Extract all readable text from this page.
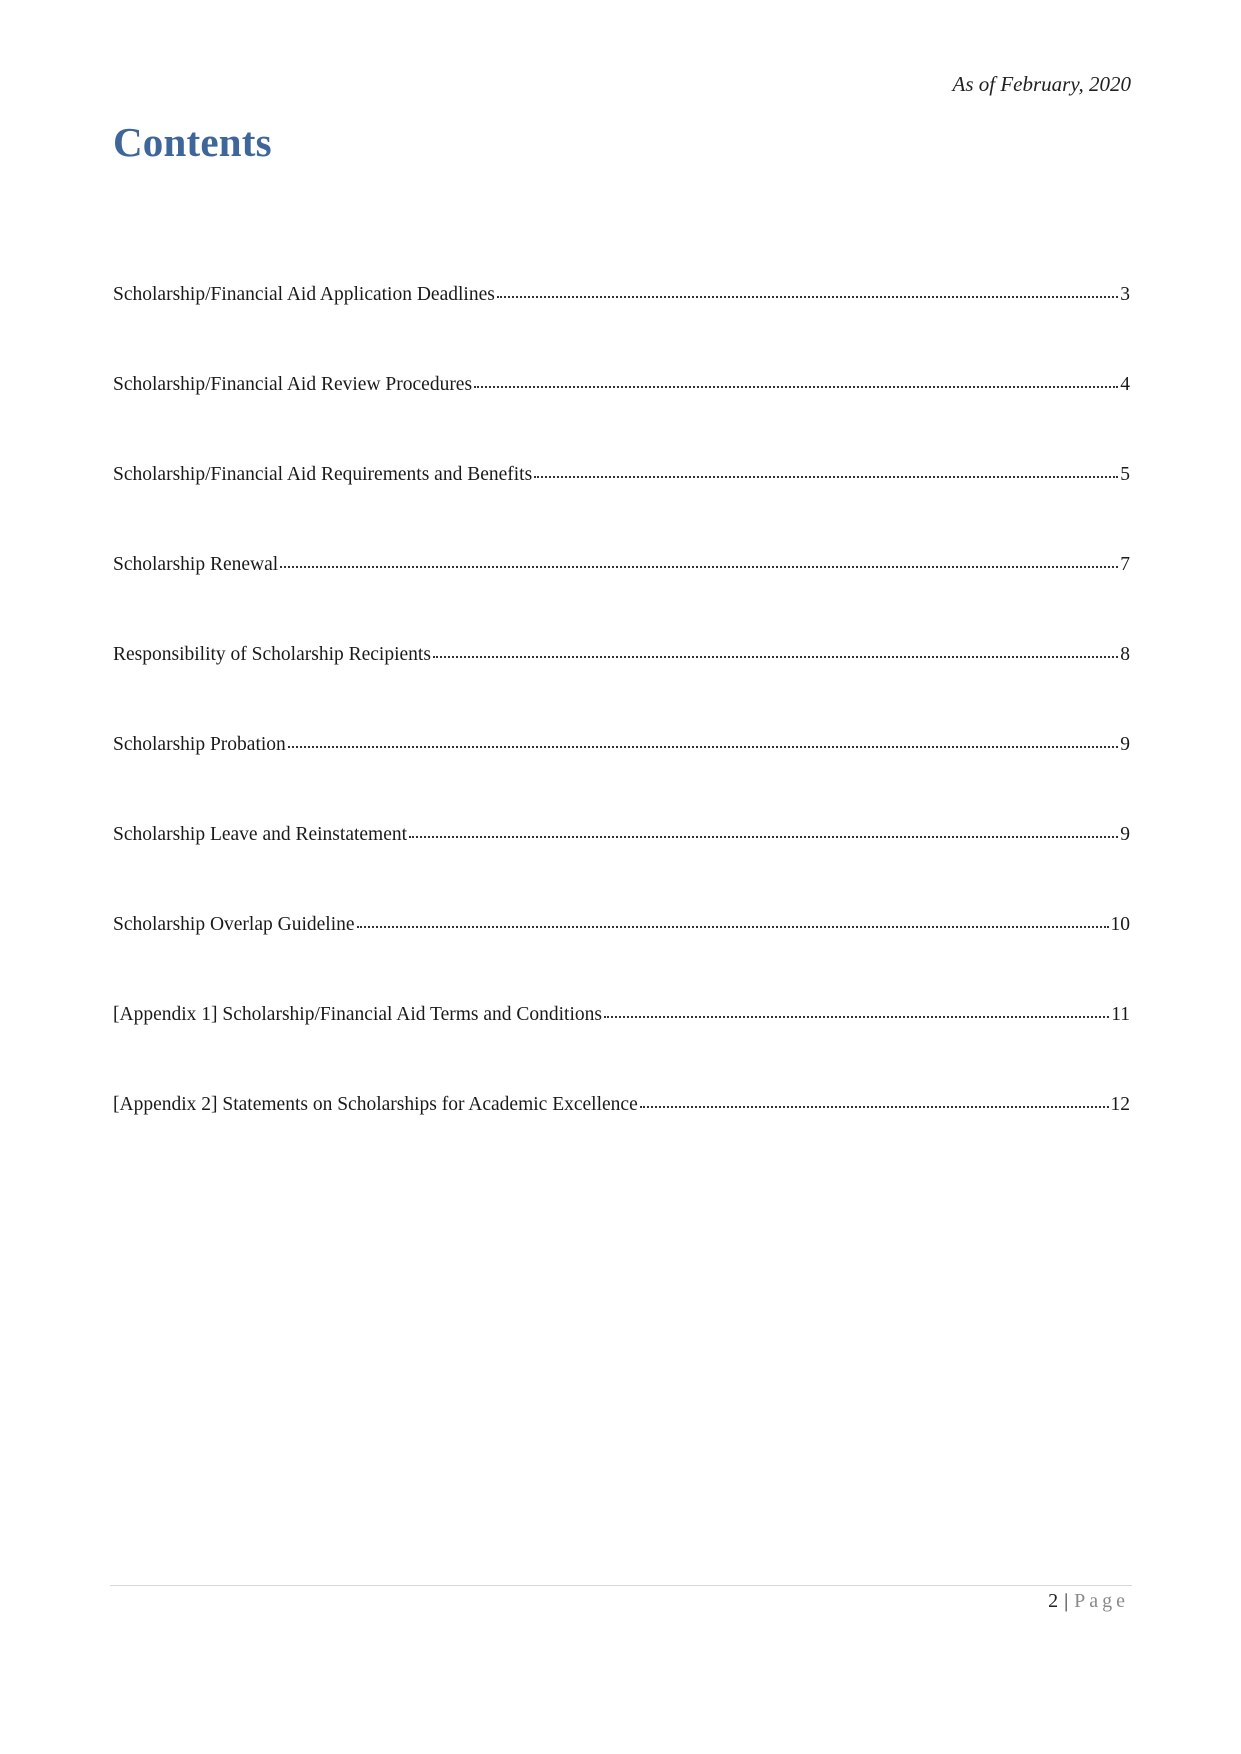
As of February, 2020
Contents
Scholarship/Financial Aid Application Deadlines	3
Scholarship/Financial Aid Review Procedures	4
Scholarship/Financial Aid Requirements and Benefits	5
Scholarship Renewal	7
Responsibility of Scholarship Recipients	8
Scholarship Probation	9
Scholarship Leave and Reinstatement	9
Scholarship Overlap Guideline	10
[Appendix 1] Scholarship/Financial Aid Terms and Conditions	11
[Appendix 2] Statements on Scholarships for Academic Excellence	12
2 | Page
